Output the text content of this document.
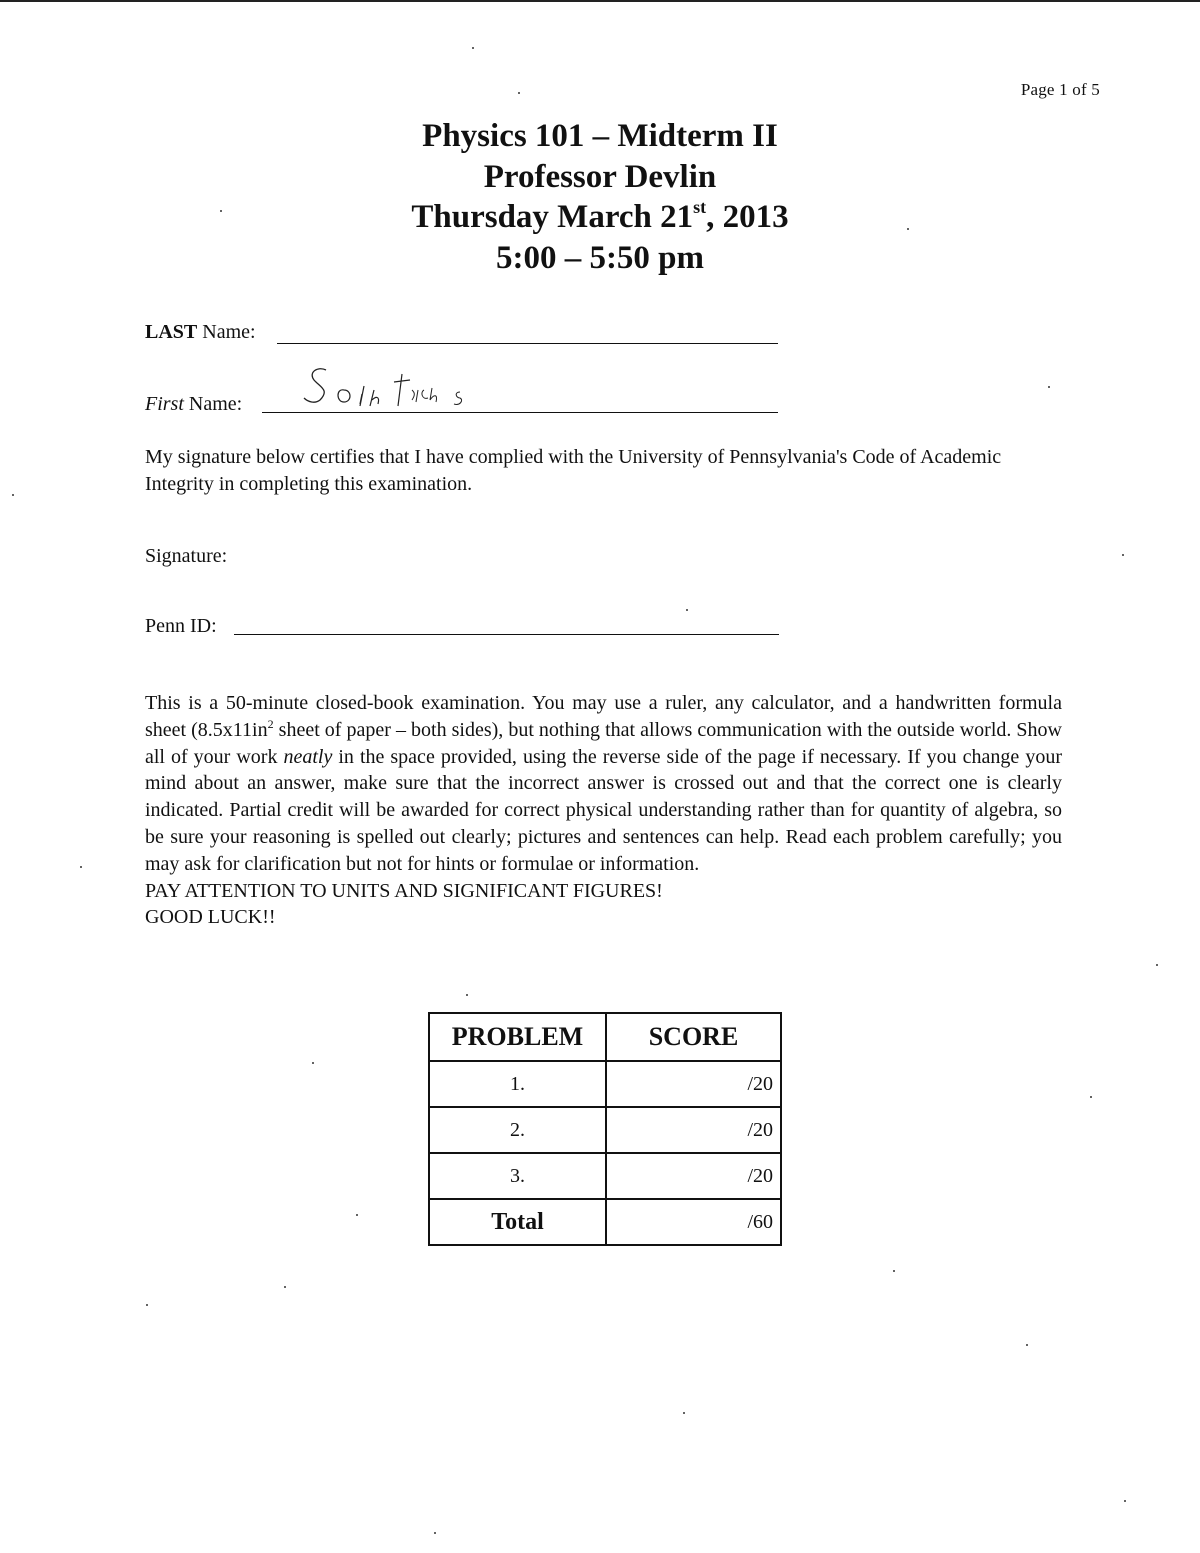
Page 1 of 5
Physics 101 – Midterm II
Professor Devlin
Thursday March 21st, 2013
5:00 – 5:50 pm
LAST Name:
First Name:
My signature below certifies that I have complied with the University of Pennsylvania's Code of Academic Integrity in completing this examination.
Signature:
Penn ID:
This is a 50-minute closed-book examination. You may use a ruler, any calculator, and a handwritten formula sheet ($8.5x11in^2$ sheet of paper – both sides), but nothing that allows communication with the outside world. Show all of your work neatly in the space provided, using the reverse side of the page if necessary. If you change your mind about an answer, make sure that the incorrect answer is crossed out and that the correct one is clearly indicated. Partial credit will be awarded for correct physical understanding rather than for quantity of algebra, so be sure your reasoning is spelled out clearly; pictures and sentences can help. Read each problem carefully; you may ask for clarification but not for hints or formulae or information.
PAY ATTENTION TO UNITS AND SIGNIFICANT FIGURES!
GOOD LUCK!!
PROBLEM	SCORE
1.	/20
2.	/20
3.	/20
Total	/60
